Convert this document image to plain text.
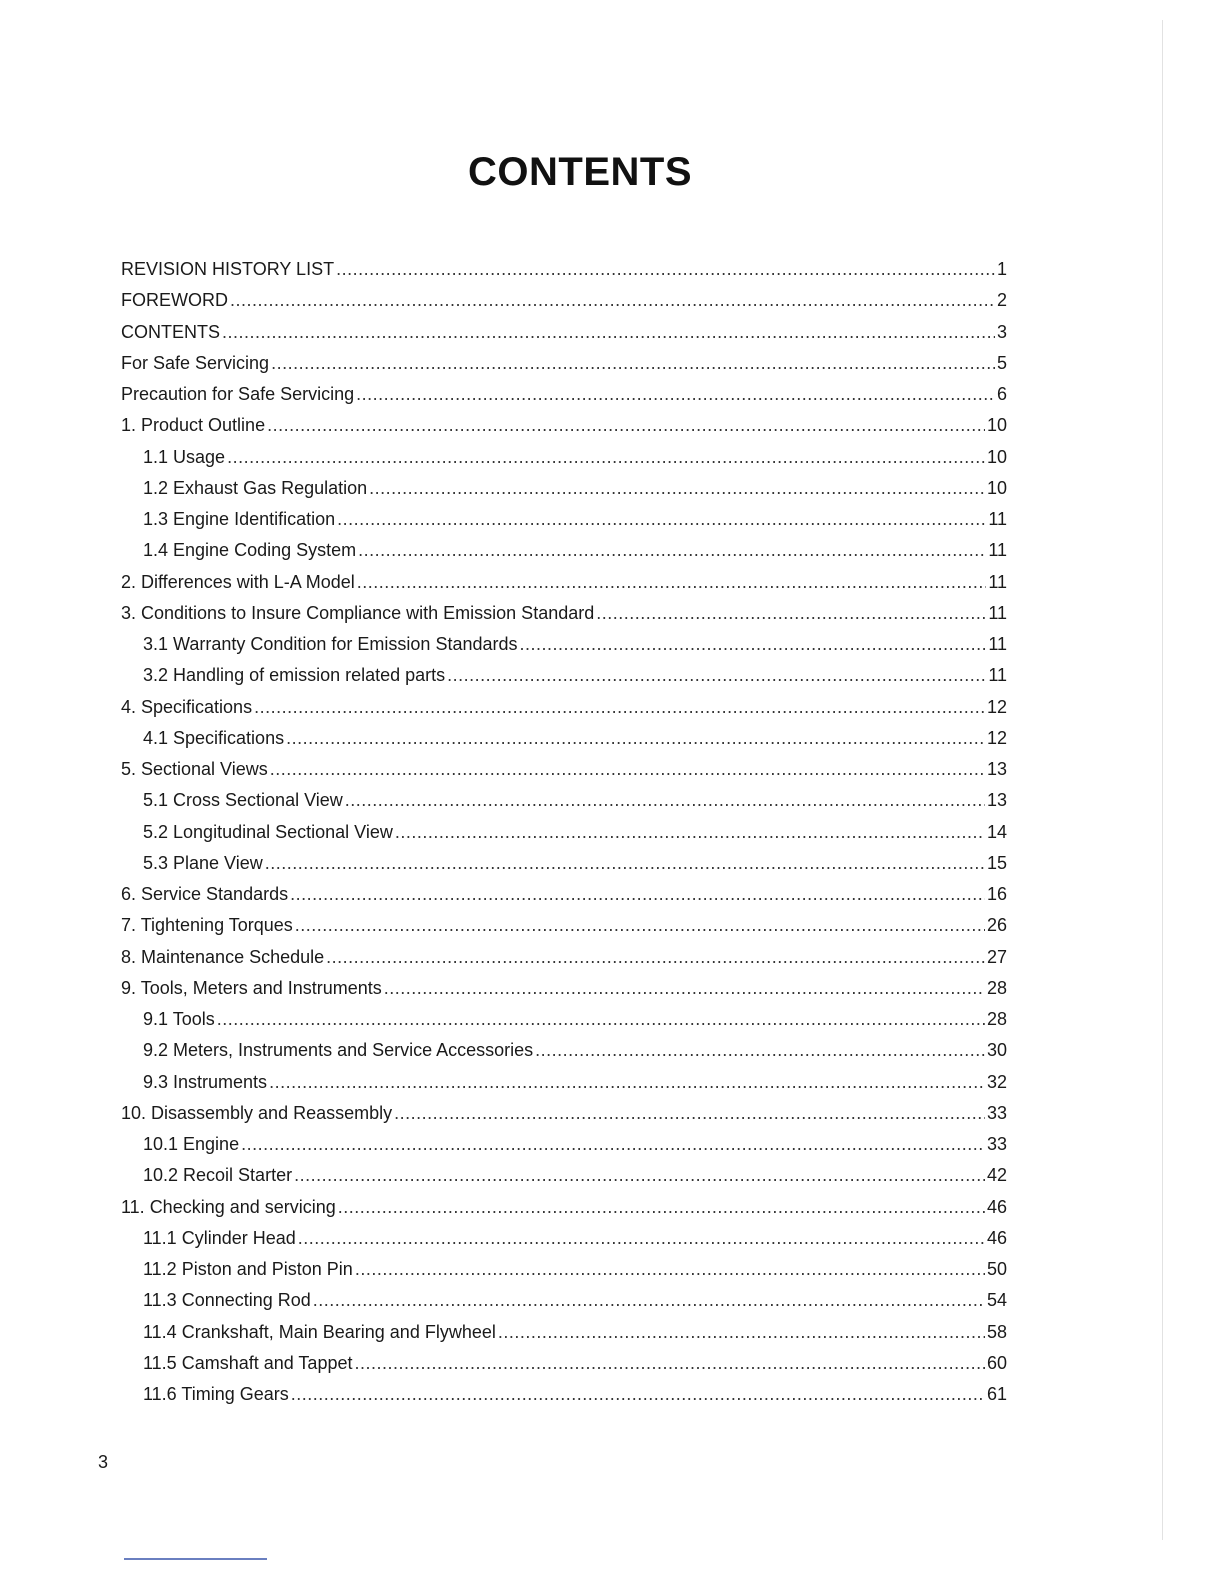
CONTENTS
REVISION HISTORY LIST .....	1
FOREWORD .....	2
CONTENTS .....	3
For Safe Servicing .....	5
Precaution for Safe Servicing .....	6
1. Product Outline .....	10
1.1 Usage .....	10
1.2 Exhaust Gas Regulation .....	10
1.3 Engine Identification .....	11
1.4 Engine Coding System .....	11
2. Differences with L-A Model .....	11
3. Conditions to Insure Compliance with Emission Standard .....	11
3.1 Warranty Condition for Emission Standards .....	11
3.2 Handling of emission related parts .....	11
4. Specifications .....	12
4.1 Specifications .....	12
5. Sectional Views .....	13
5.1 Cross Sectional View .....	13
5.2 Longitudinal Sectional View .....	14
5.3 Plane View .....	15
6. Service Standards .....	16
7. Tightening Torques .....	26
8. Maintenance Schedule .....	27
9. Tools, Meters and Instruments .....	28
9.1 Tools .....	28
9.2 Meters, Instruments and Service Accessories .....	30
9.3 Instruments .....	32
10. Disassembly and Reassembly .....	33
10.1 Engine .....	33
10.2 Recoil Starter .....	42
11. Checking and servicing .....	46
11.1 Cylinder Head .....	46
11.2 Piston and Piston Pin .....	50
11.3 Connecting Rod .....	54
11.4 Crankshaft, Main Bearing and Flywheel .....	58
11.5 Camshaft and Tappet .....	60
11.6 Timing Gears .....	61
3
